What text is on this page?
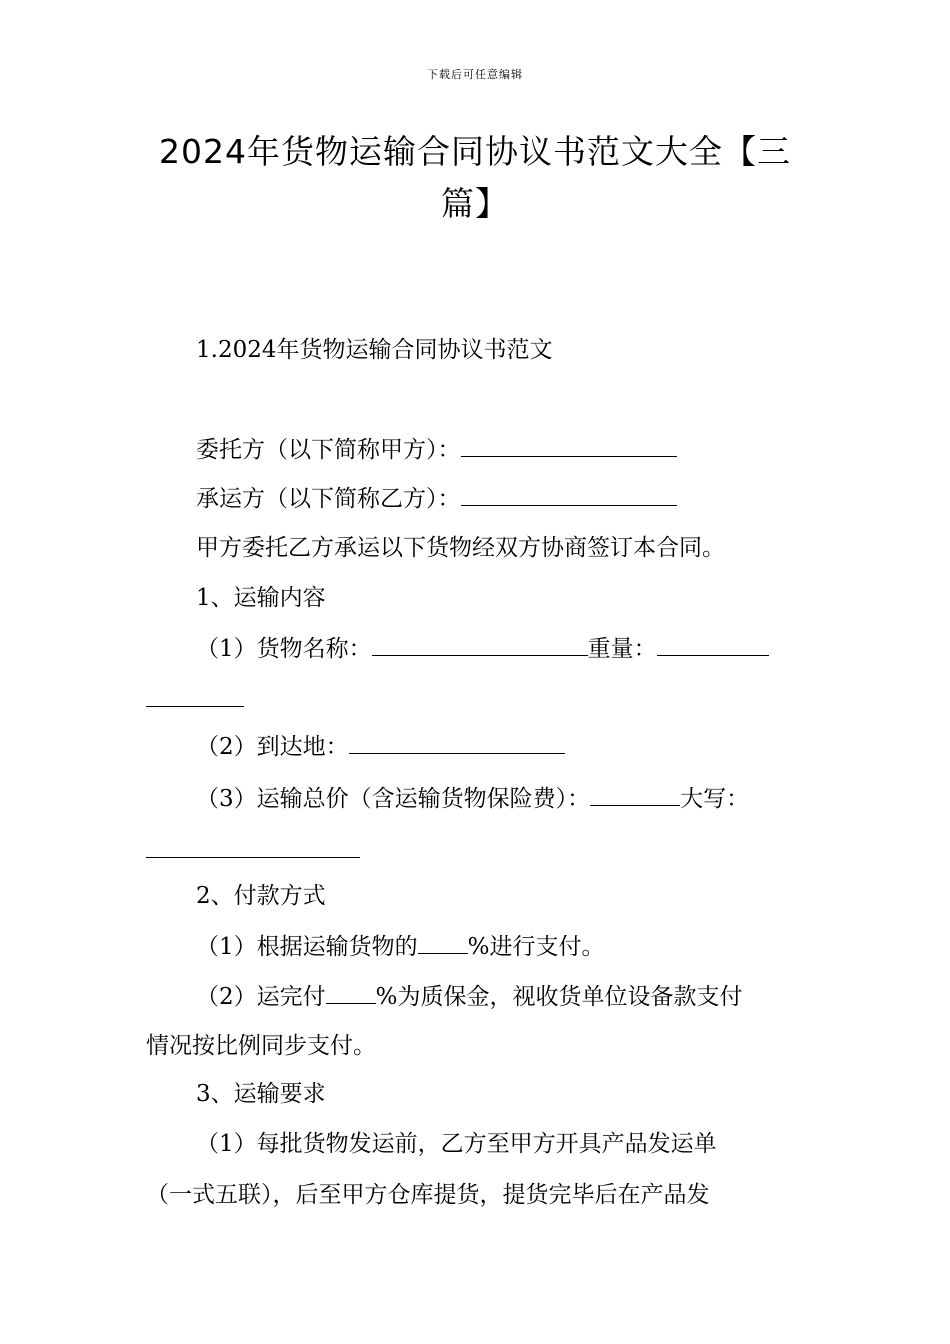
下载后可任意编辑
2024年货物运输合同协议书范文大全【三
篇】
1.2024年货物运输合同协议书范文
委托方（以下简称甲方）：
承运方（以下简称乙方）：
甲方委托乙方承运以下货物经双方协商签订本合同。
1、运输内容
（1）货物名称：	重量：
（2）到达地：
（3）运输总价（含运输货物保险费）：	大写：
2、付款方式
（1）根据运输货物的 %进行支付。
（2）运完付 %为质保金，视收货单位设备款支付
情况按比例同步支付。
3、运输要求
（1）每批货物发运前，乙方至甲方开具产品发运单
（一式五联），后至甲方仓库提货，提货完毕后在产品发
